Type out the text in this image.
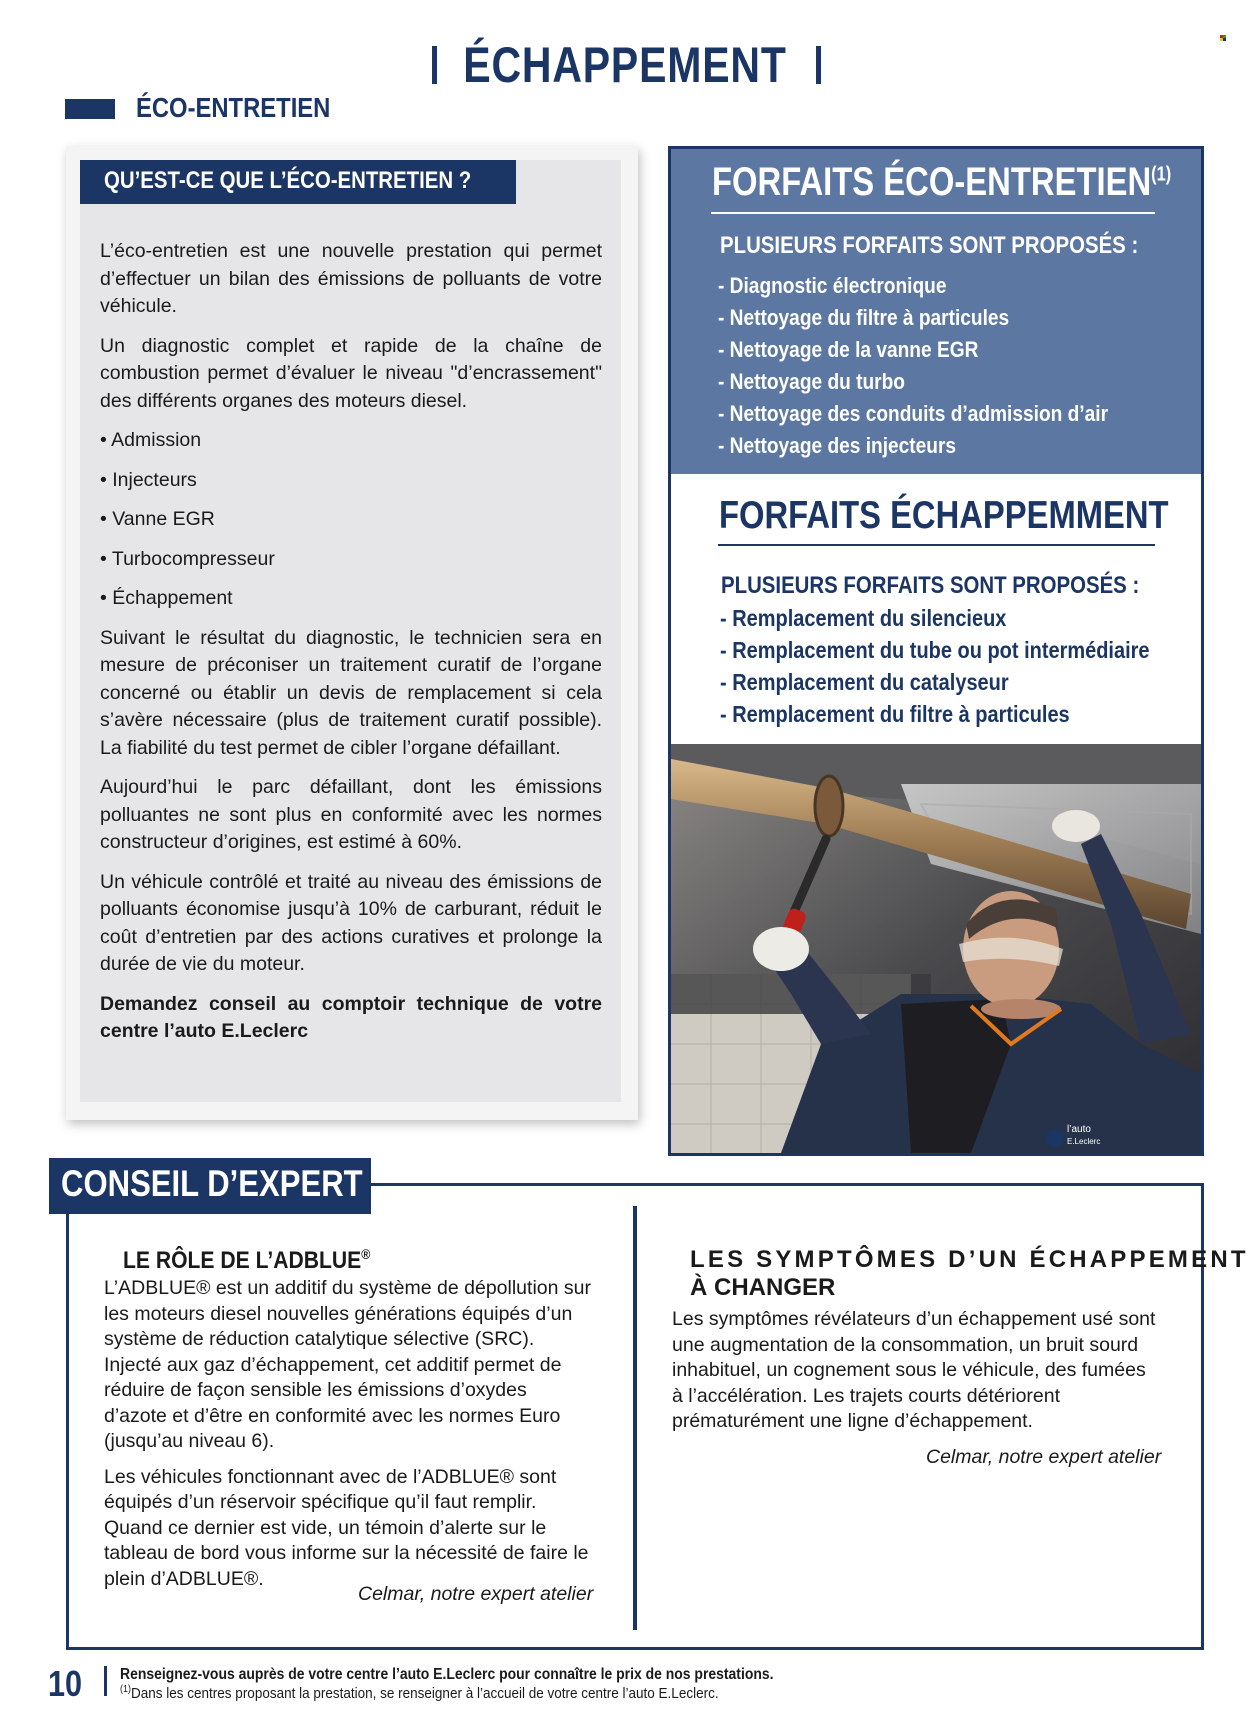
ÉCHAPPEMENT
ÉCO-ENTRETIEN
QU’EST-CE QUE L’ÉCO-ENTRETIEN ?

L’éco-entretien est une nouvelle prestation qui permet d’effectuer un bilan des émissions de polluants de votre véhicule.

Un diagnostic complet et rapide de la chaîne de combustion permet d’évaluer le niveau "d’encrassement" des différents organes des moteurs diesel.

• Admission
• Injecteurs
• Vanne EGR
• Turbocompresseur
• Échappement

Suivant le résultat du diagnostic, le technicien sera en mesure de préconiser un traitement curatif de l’organe concerné ou établir un devis de remplacement si cela s’avère nécessaire (plus de traitement curatif possible). La fiabilité du test permet de cibler l’organe défaillant.

Aujourd’hui le parc défaillant, dont les émissions polluantes ne sont plus en conformité avec les normes constructeur d’origines, est estimé à 60%.

Un véhicule contrôlé et traité au niveau des émissions de polluants économise jusqu’à 10% de carburant, réduit le coût d’entretien par des actions curatives et prolonge la durée de vie du moteur.

Demandez conseil au comptoir technique de votre centre l’auto E.Leclerc

FORFAITS ÉCO-ENTRETIEN$^{(1)}$
PLUSIEURS FORFAITS SONT PROPOSÉS :
- Diagnostic électronique
- Nettoyage du filtre à particules
- Nettoyage de la vanne EGR
- Nettoyage du turbo
- Nettoyage des conduits d’admission d’air
- Nettoyage des injecteurs
FORFAITS ÉCHAPPEMMENT
PLUSIEURS FORFAITS SONT PROPOSÉS :
- Remplacement du silencieux
- Remplacement du tube ou pot intermédiaire
- Remplacement du catalyseur
- Remplacement du filtre à particules
l’auto
E.Leclerc
CONSEIL D’EXPERT
LE RÔLE DE L’ADBLUE®

L’ADBLUE® est un additif du système de dépollution sur les moteurs diesel nouvelles générations équipés d’un système de réduction catalytique sélective (SRC). Injecté aux gaz d’échappement, cet additif permet de réduire de façon sensible les émissions d’oxydes d’azote et d’être en conformité avec les normes Euro (jusqu’au niveau 6).

Les véhicules fonctionnant avec de l’ADBLUE® sont équipés d’un réservoir spécifique qu’il faut remplir. Quand ce dernier est vide, un témoin d’alerte sur le tableau de bord vous informe sur la nécessité de faire le plein d’ADBLUE®.

Celmar, notre expert atelier
LES SYMPTÔMES D’UN ÉCHAPPEMENT
À CHANGER

Les symptômes révélateurs d’un échappement usé sont une augmentation de la consommation, un bruit sourd inhabituel, un cognement sous le véhicule, des fumées à l’accélération. Les trajets courts détériorent prématurément une ligne d’échappement.

Celmar, notre expert atelier
10 Renseignez-vous auprès de votre centre l’auto E.Leclerc pour connaître le prix de nos prestations.
$^{(1)}$Dans les centres proposant la prestation, se renseigner à l’accueil de votre centre l’auto E.Leclerc.
